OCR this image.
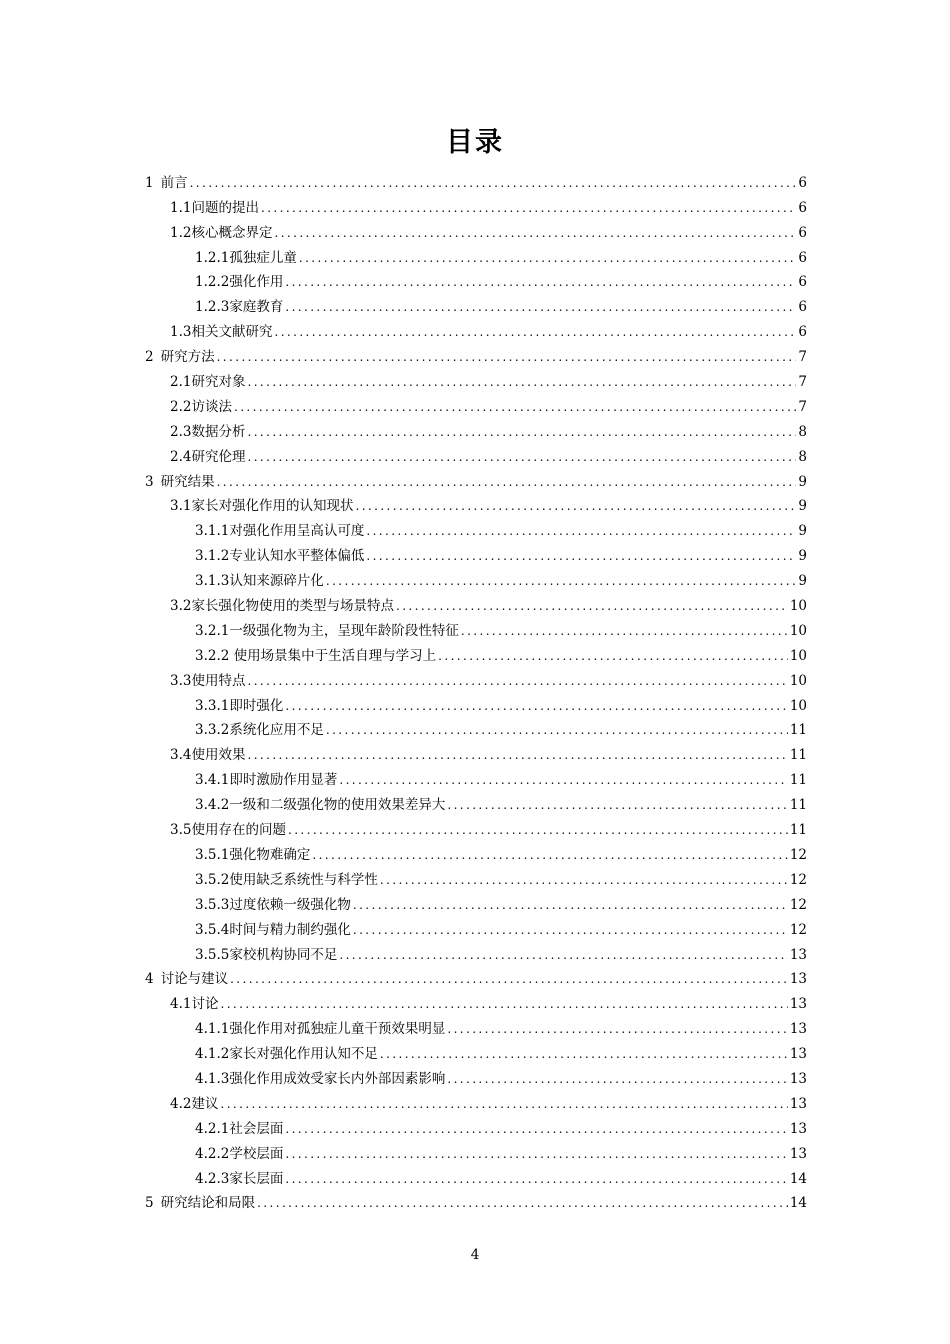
目录
1 前言 .....	6
1.1 问题的提出 .....	6
1.2 核心概念界定 .....	6
1.2.1 孤独症儿童 .....	6
1.2.2 强化作用 .....	6
1.2.3 家庭教育 .....	6
1.3 相关文献研究 .....	6
2 研究方法 .....	7
2.1 研究对象 .....	7
2.2 访谈法 .....	7
2.3 数据分析 .....	8
2.4 研究伦理 .....	8
3 研究结果 .....	9
3.1 家长对强化作用的认知现状 .....	9
3.1.1 对强化作用呈高认可度 .....	9
3.1.2 专业认知水平整体偏低 .....	9
3.1.3 认知来源碎片化 .....	9
3.2 家长强化物使用的类型与场景特点 .....	10
3.2.1 一级强化物为主，呈现年龄阶段性特征 .....	10
3.2.2 使用场景集中于生活自理与学习上 .....	10
3.3 使用特点 .....	10
3.3.1 即时强化 .....	10
3.3.2 系统化应用不足 .....	11
3.4 使用效果 .....	11
3.4.1 即时激励作用显著 .....	11
3.4.2 一级和二级强化物的使用效果差异大 .....	11
3.5 使用存在的问题 .....	11
3.5.1 强化物难确定 .....	12
3.5.2 使用缺乏系统性与科学性 .....	12
3.5.3 过度依赖一级强化物 .....	12
3.5.4 时间与精力制约强化 .....	12
3.5.5 家校机构协同不足 .....	13
4 讨论与建议 .....	13
4.1 讨论 .....	13
4.1.1 强化作用对孤独症儿童干预效果明显 .....	13
4.1.2 家长对强化作用认知不足 .....	13
4.1.3 强化作用成效受家长内外部因素影响 .....	13
4.2 建议 .....	13
4.2.1 社会层面 .....	13
4.2.2 学校层面 .....	13
4.2.3 家长层面 .....	14
5 研究结论和局限 .....	14

4
